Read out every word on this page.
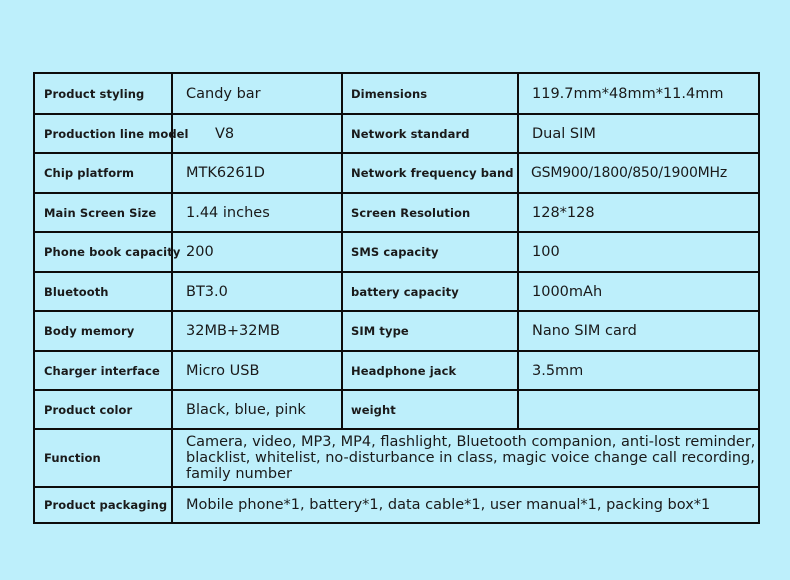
Product styling	Candy bar	Dimensions	119.7mm*48mm*11.4mm
Production line model	V8	Network standard	Dual SIM
Chip platform	MTK6261D	Network frequency band	GSM900/1800/850/1900MHz
Main Screen Size	1.44 inches	Screen Resolution	128*128
Phone book capacity	200	SMS capacity	100
Bluetooth	BT3.0	battery capacity	1000mAh
Body memory	32MB+32MB	SIM type	Nano SIM card
Charger interface	Micro USB	Headphone jack	3.5mm
Product color	Black, blue, pink	weight	
Function	Camera, video, MP3, MP4, flashlight, Bluetooth companion, anti-lost reminder, blacklist, whitelist, no-disturbance in class, magic voice change call recording, family number		
Product packaging	Mobile phone*1, battery*1, data cable*1, user manual*1, packing box*1		
